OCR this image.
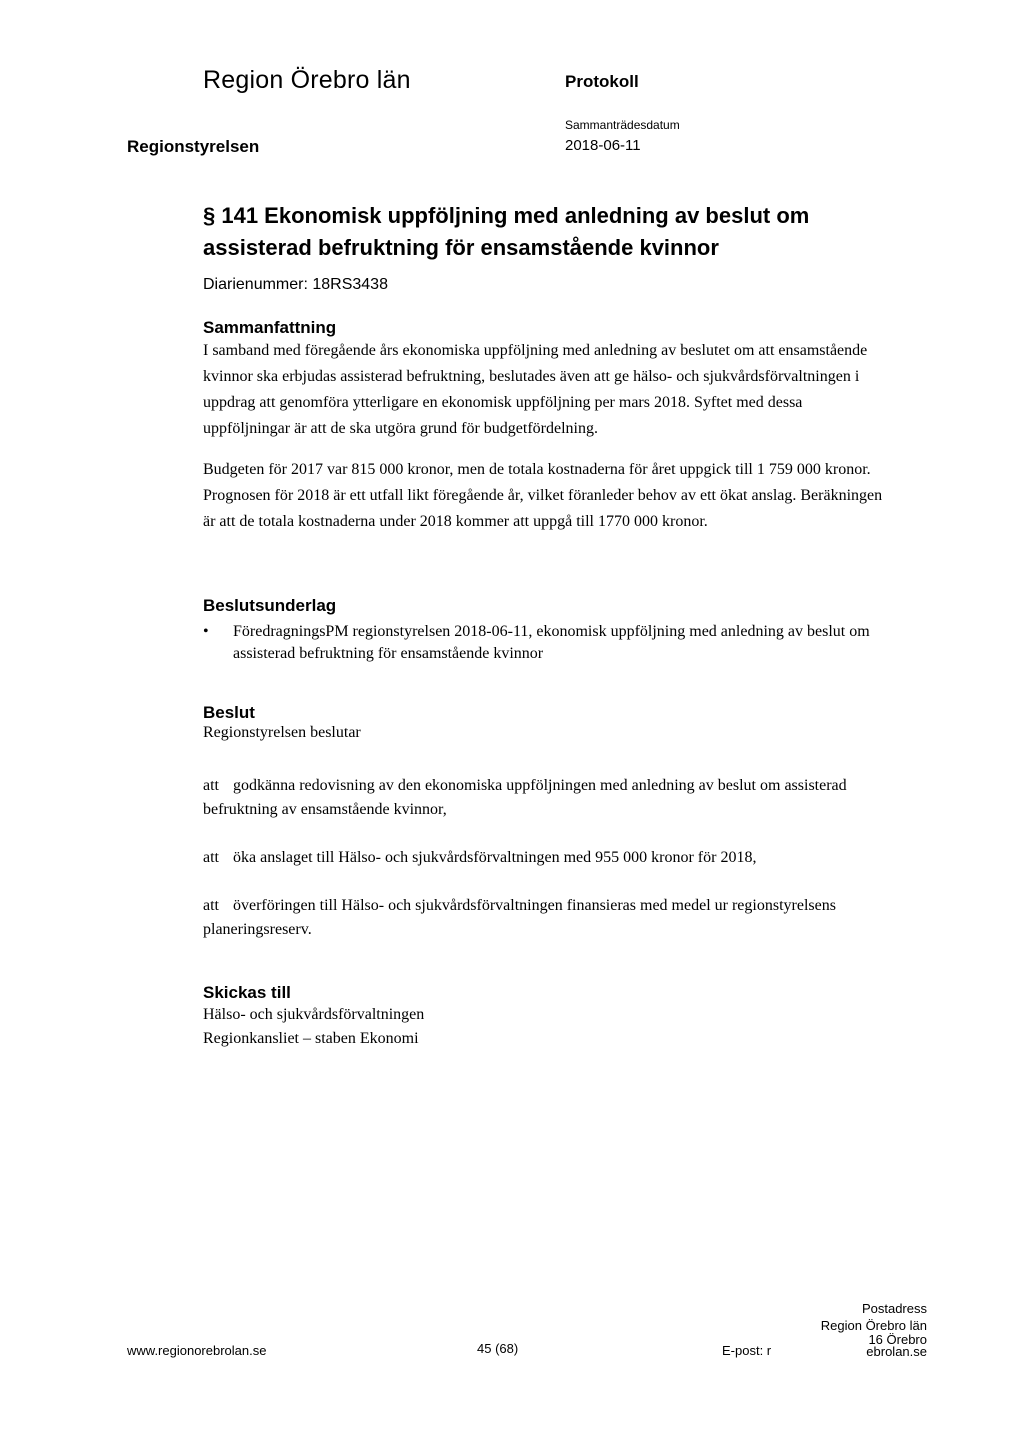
Region Örebro län	Protokoll
Regionstyrelsen
Sammanträdesdatum
2018-06-11
§ 141 Ekonomisk uppföljning med anledning av beslut om assisterad befruktning för ensamstående kvinnor
Diarienummer: 18RS3438
Sammanfattning
I samband med föregående års ekonomiska uppföljning med anledning av beslutet om att ensamstående kvinnor ska erbjudas assisterad befruktning, beslutades även att ge hälso- och sjukvårdsförvaltningen i uppdrag att genomföra ytterligare en ekonomisk uppföljning per mars 2018. Syftet med dessa uppföljningar är att de ska utgöra grund för budgetfördelning.
Budgeten för 2017 var 815 000 kronor, men de totala kostnaderna för året uppgick till 1 759 000 kronor. Prognosen för 2018 är ett utfall likt föregående år, vilket föranleder behov av ett ökat anslag. Beräkningen är att de totala kostnaderna under 2018 kommer att uppgå till 1770 000 kronor.
Beslutsunderlag
• FöredragningsPM regionstyrelsen 2018-06-11, ekonomisk uppföljning med anledning av beslut om assisterad befruktning för ensamstående kvinnor
Beslut
Regionstyrelsen beslutar
att godkänna redovisning av den ekonomiska uppföljningen med anledning av beslut om assisterad befruktning av ensamstående kvinnor,
att öka anslaget till Hälso- och sjukvårdsförvaltningen med 955 000 kronor för 2018,
att överföringen till Hälso- och sjukvårdsförvaltningen finansieras med medel ur regionstyrelsens planeringsreserv.
Skickas till
Hälso- och sjukvårdsförvaltningen
Regionkansliet – staben Ekonomi
www.regionorebrolan.se	45 (68)	E-post: r
Postadress
Region Örebro län
16 Örebro
ebrolan.se
